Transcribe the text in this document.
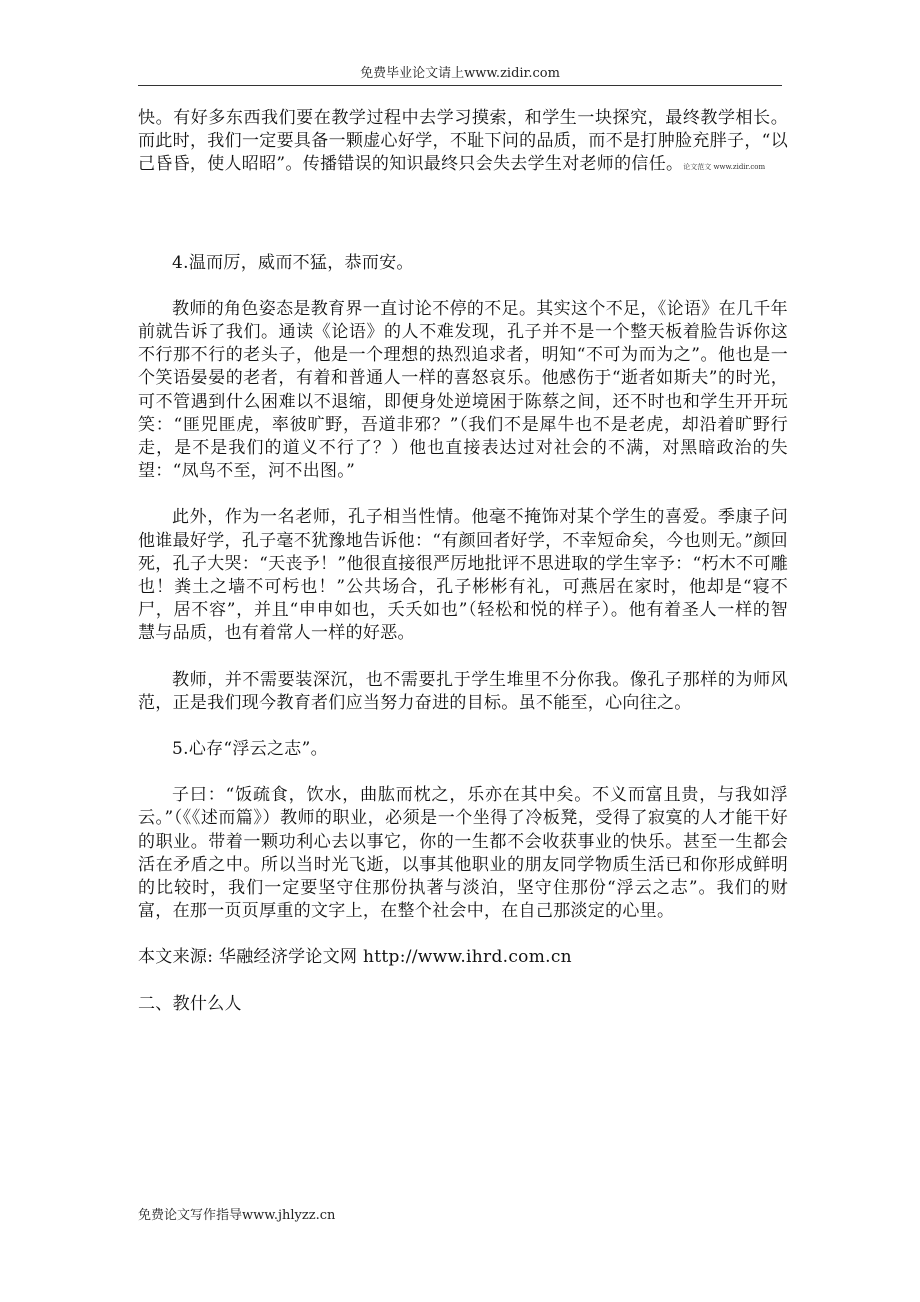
免费毕业论文请上www.zidir.com

快。有好多东西我们要在教学过程中去学习摸索，和学生一块探究，最终教学相长。而此时，我们一定要具备一颗虚心好学，不耻下问的品质，而不是打肿脸充胖子，“以己昏昏，使人昭昭”。传播错误的知识最终只会失去学生对老师的信任。论文范文 www.zidir.com

4.温而厉，威而不猛，恭而安。

教师的角色姿态是教育界一直讨论不停的不足。其实这个不足，《论语》在几千年前就告诉了我们。通读《论语》的人不难发现，孔子并不是一个整天板着脸告诉你这不行那不行的老头子，他是一个理想的热烈追求者，明知“不可为而为之”。他也是一个笑语晏晏的老者，有着和普通人一样的喜怒哀乐。他感伤于“逝者如斯夫”的时光，可不管遇到什么困难以不退缩，即便身处逆境困于陈蔡之间，还不时也和学生开开玩笑：“匪兕匪虎，率彼旷野，吾道非邪？”（我们不是犀牛也不是老虎，却沿着旷野行走，是不是我们的道义不行了？）他也直接表达过对社会的不满，对黑暗政治的失望：“凤鸟不至，河不出图。”

此外，作为一名老师，孔子相当性情。他毫不掩饰对某个学生的喜爱。季康子问他谁最好学，孔子毫不犹豫地告诉他：“有颜回者好学，不幸短命矣，今也则无。”颜回死，孔子大哭：“天丧予！”他很直接很严厉地批评不思进取的学生宰予：“朽木不可雕也！粪土之墙不可杇也！”公共场合，孔子彬彬有礼，可燕居在家时，他却是“寝不尸，居不容”，并且“申申如也，夭夭如也”（轻松和悦的样子）。他有着圣人一样的智慧与品质，也有着常人一样的好恶。

教师，并不需要装深沉，也不需要扎于学生堆里不分你我。像孔子那样的为师风范，正是我们现今教育者们应当努力奋进的目标。虽不能至，心向往之。

5.心存“浮云之志”。

子曰：“饭疏食，饮水，曲肱而枕之，乐亦在其中矣。不义而富且贵，与我如浮云。”（《《述而篇》）教师的职业，必须是一个坐得了冷板凳，受得了寂寞的人才能干好的职业。带着一颗功利心去以事它，你的一生都不会收获事业的快乐。甚至一生都会活在矛盾之中。所以当时光飞逝，以事其他职业的朋友同学物质生活已和你形成鲜明的比较时，我们一定要坚守住那份执著与淡泊，坚守住那份“浮云之志”。我们的财富，在那一页页厚重的文字上，在整个社会中，在自己那淡定的心里。

本文来源: 华融经济学论文网 http://www.ihrd.com.cn

二、教什么人

免费论文写作指导www.jhlyzz.cn
